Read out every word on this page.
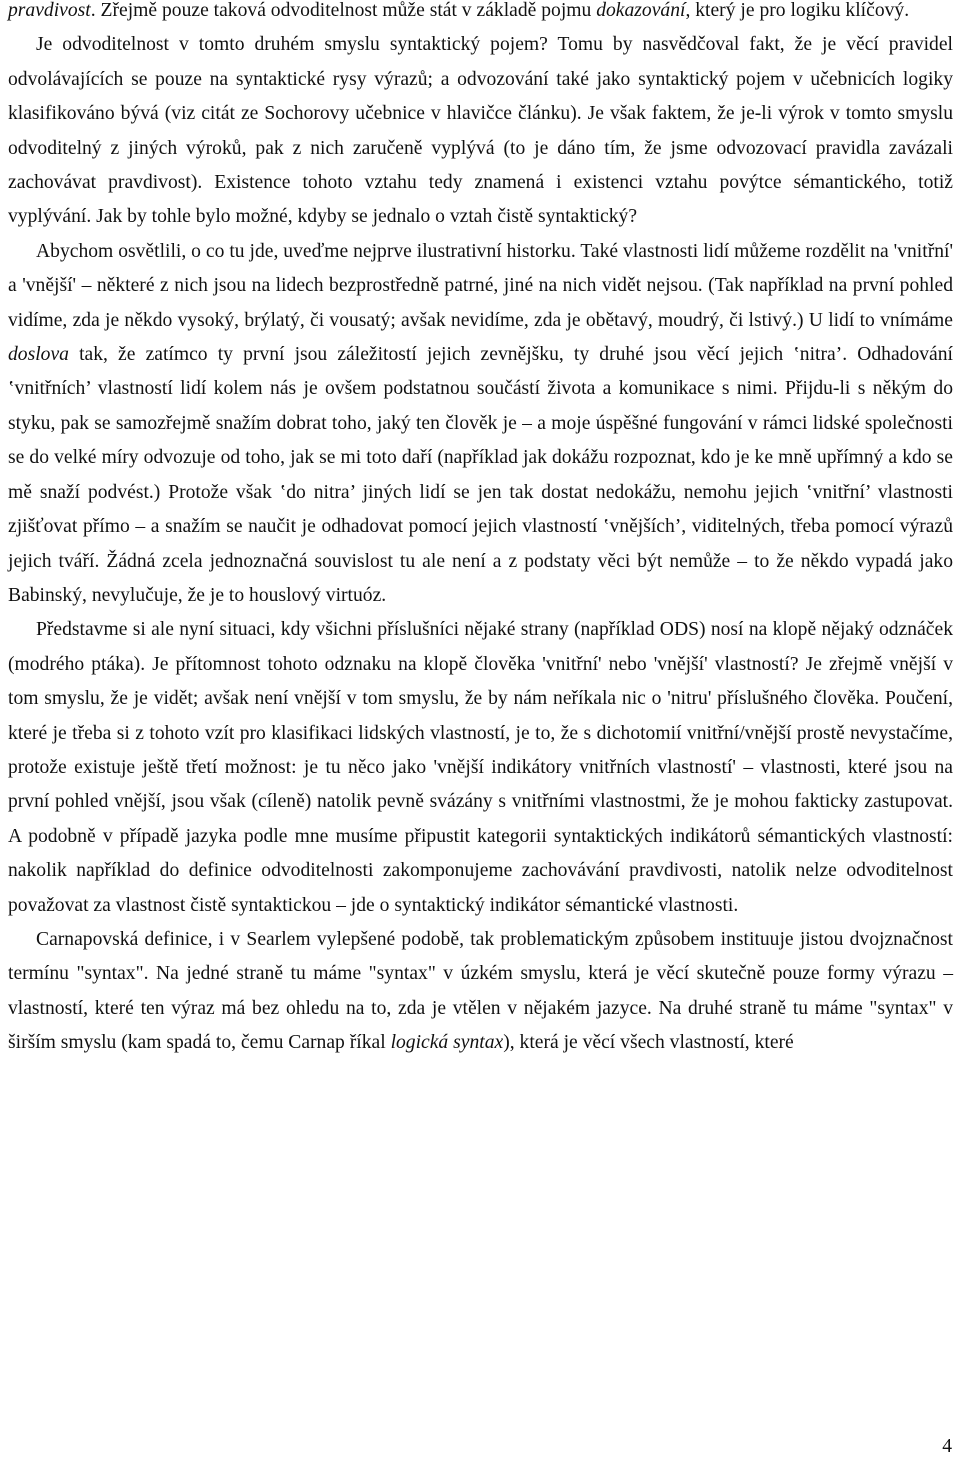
pravdivost. Zřejmě pouze taková odvoditelnost může stát v základě pojmu dokazování, který je pro logiku klíčový.

Je odvoditelnost v tomto druhém smyslu syntaktický pojem? Tomu by nasvědčoval fakt, že je věcí pravidel odvolávajících se pouze na syntaktické rysy výrazů; a odvozování také jako syntaktický pojem v učebnicích logiky klasifikováno bývá (viz citát ze Sochorovy učebnice v hlavičce článku). Je však faktem, že je-li výrok v tomto smyslu odvoditelný z jiných výroků, pak z nich zaručeně vyplývá (to je dáno tím, že jsme odvozovací pravidla zavázali zachovávat pravdivost). Existence tohoto vztahu tedy znamená i existenci vztahu povýtce sémantického, totiž vyplývání. Jak by tohle bylo možné, kdyby se jednalo o vztah čistě syntaktický?

Abychom osvětlili, o co tu jde, uveďme nejprve ilustrativní historku. Také vlastnosti lidí můžeme rozdělit na 'vnitřní' a 'vnější' – některé z nich jsou na lidech bezprostředně patrné, jiné na nich vidět nejsou. (Tak například na první pohled vidíme, zda je někdo vysoký, brýlatý, či vousatý; avšak nevidíme, zda je obětavý, moudrý, či lstivý.) U lidí to vnímáme doslova tak, že zatímco ty první jsou záležitostí jejich zevnějšku, ty druhé jsou věcí jejich ‛nitra’. Odhadování ‛vnitřních’ vlastností lidí kolem nás je ovšem podstatnou součástí života a komunikace s nimi. Přijdu-li s někým do styku, pak se samozřejmě snažím dobrat toho, jaký ten člověk je – a moje úspěšné fungování v rámci lidské společnosti se do velké míry odvozuje od toho, jak se mi toto daří (například jak dokážu rozpoznat, kdo je ke mně upřímný a kdo se mě snaží podvést.) Protože však ‛do nitra’ jiných lidí se jen tak dostat nedokážu, nemohu jejich ‛vnitřní’ vlastnosti zjišťovat přímo – a snažím se naučit je odhadovat pomocí jejich vlastností ‛vnějších’, viditelných, třeba pomocí výrazů jejich tváří. Žádná zcela jednoznačná souvislost tu ale není a z podstaty věci být nemůže – to že někdo vypadá jako Babinský, nevylučuje, že je to houslový virtuóz.

Představme si ale nyní situaci, kdy všichni příslušníci nějaké strany (například ODS) nosí na klopě nějaký odznáček (modrého ptáka). Je přítomnost tohoto odznaku na klopě člověka 'vnitřní' nebo 'vnější' vlastností? Je zřejmě vnější v tom smyslu, že je vidět; avšak není vnější v tom smyslu, že by nám neříkala nic o 'nitru' příslušného člověka. Poučení, které je třeba si z tohoto vzít pro klasifikaci lidských vlastností, je to, že s dichotomií vnitřní/vnější prostě nevystačíme, protože existuje ještě třetí možnost: je tu něco jako 'vnější indikátory vnitřních vlastností' – vlastnosti, které jsou na první pohled vnější, jsou však (cíleně) natolik pevně svázány s vnitřními vlastnostmi, že je mohou fakticky zastupovat. A podobně v případě jazyka podle mne musíme připustit kategorii syntaktických indikátorů sémantických vlastností: nakolik například do definice odvoditelnosti zakomponujeme zachovávání pravdivosti, natolik nelze odvoditelnost považovat za vlastnost čistě syntaktickou – jde o syntaktický indikátor sémantické vlastnosti.

Carnapovská definice, i v Searlem vylepšené podobě, tak problematickým způsobem instituuje jistou dvojznačnost termínu "syntax". Na jedné straně tu máme "syntax" v úzkém smyslu, která je věcí skutečně pouze formy výrazu – vlastností, které ten výraz má bez ohledu na to, zda je vtělen v nějakém jazyce. Na druhé straně tu máme "syntax" v širším smyslu (kam spadá to, čemu Carnap říkal logická syntax), která je věcí všech vlastností, které

4
